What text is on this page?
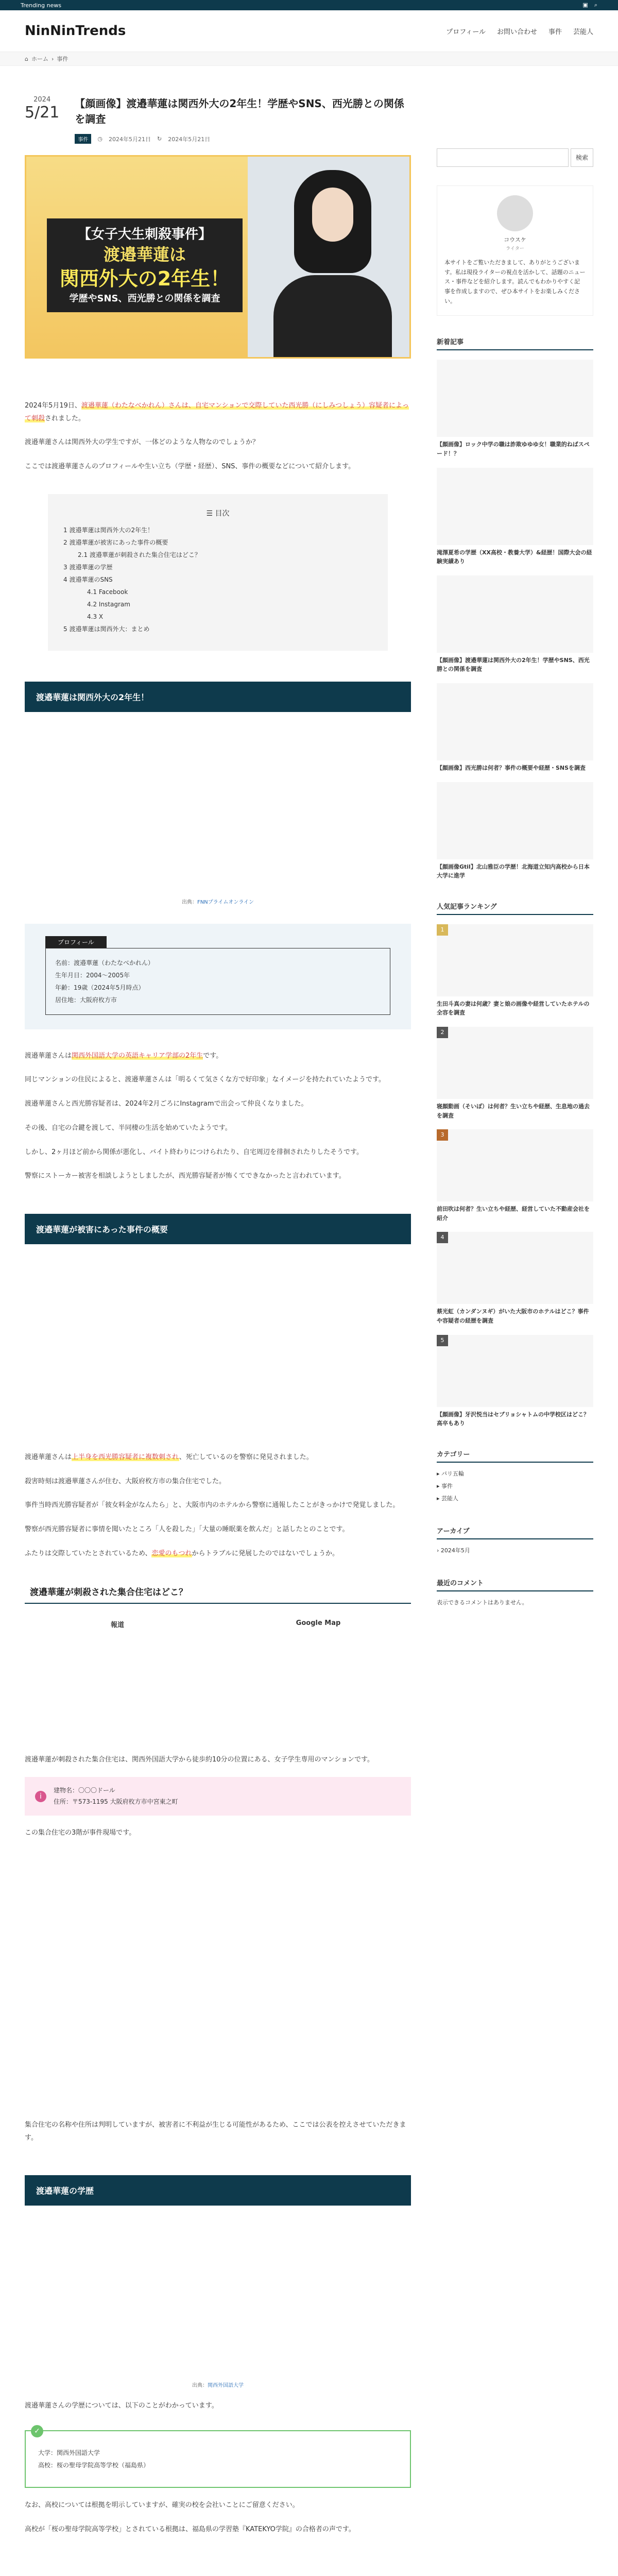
Trending news	▣ ⌕
NinNinTrends	プロフィール お問い合わせ 事件 芸能人
⌂ ホーム › 事件
2024
5/21 【顔画像】渡邉華蓮は関西外大の2年生！学歴やSNS、西光勝との関係を調査
事件	◷ 2024年5月21日 ↻ 2024年5月21日
【女子大生刺殺事件】
渡邉華蓮は
関西外大の2年生！
学歴やSNS、西光勝との関係を調査

2024年5月19日、渡邉華蓮（わたなべかれん）さんは、自宅マンションで交際していた西光勝（にしみつしょう）容疑者によって刺殺されました。

渡邉華蓮さんは関西外大の学生ですが、一体どのような人物なのでしょうか？

ここでは渡邉華蓮さんのプロフィールや生い立ち（学歴・経歴）、SNS、事件の概要などについて紹介します。

☰ 目次
1 渡邉華蓮は関西外大の2年生！
2 渡邉華蓮が被害にあった事件の概要
2.1 渡邉華蓮が刺殺された集合住宅はどこ？
3 渡邉華蓮の学歴
4 渡邉華蓮のSNS
4.1 Facebook
4.2 Instagram
4.3 X
5 渡邉華蓮は関西外大：まとめ
渡邉華蓮は関西外大の2年生！

出典：FNNプライムオンライン

プロフィール
名前：渡邉華蓮（わたなべかれん）
生年月日：2004〜2005年
年齢：19歳（2024年5月時点）
居住地：大阪府枚方市

渡邉華蓮さんは関西外国語大学の英語キャリア学部の2年生です。

同じマンションの住民によると、渡邉華蓮さんは「明るくて気さくな方で好印象」なイメージを持たれていたようです。

渡邉華蓮さんと西光勝容疑者は、2024年2月ごろにInstagramで出会って仲良くなりました。

その後、自宅の合鍵を渡して、半同棲の生活を始めていたようです。

しかし、2ヶ月ほど前から関係が悪化し、バイト終わりにつけられたり、自宅周辺を徘徊されたりしたそうです。

警察にストーカー被害を相談しようとしましたが、西光勝容疑者が怖くてできなかったと言われています。

渡邉華蓮が被害にあった事件の概要

渡邉華蓮さんは上半身を西光勝容疑者に複数刺され、死亡しているのを警察に発見されました。

殺害時刻は渡邉華蓮さんが住む、大阪府枚方市の集合住宅でした。

事件当時西光勝容疑者が「彼女料金がなんたら」と、大阪市内のホテルから警察に通報したことがきっかけで発覚しました。

警察が西光勝容疑者に事情を聞いたところ「人を殺した」「大量の睡眠薬を飲んだ」と話したとのことです。

ふたりは交際していたとされているため、恋愛のもつれからトラブルに発展したのではないでしょうか。

渡邉華蓮が刺殺された集合住宅はどこ？
報道	Google Map

渡邉華蓮が刺殺された集合住宅は、関西外国語大学から徒歩約10分の位置にある、女子学生専用のマンションです。

i
建物名：〇〇〇ドール
住所：〒573-1195 大阪府枚方市中宮東之町

この集合住宅の3階が事件現場です。

集合住宅の名称や住所は判明していますが、被害者に不利益が生じる可能性があるため、ここでは公表を控えさせていただきます。

渡邉華蓮の学歴

出典：関西外国語大学

渡邉華蓮さんの学歴については、以下のことがわかっています。

✓
大学：関西外国語大学
高校：桜の聖母学院高等学校（福島県）

なお、高校については根拠を明示していますが、確実の校を会社いことにご留意ください。

高校が「桜の聖母学院高等学校」とされている根拠は、福島県の学習塾『KATEKYO学院』の合格者の声です。

検索
コウスケ
ライター
本サイトをご覧いただきまして、ありがとうございます。私は現役ライターの視点を活かして、話題のニュース・事件などを紹介します。読んでもわかりやすく記事を作成しますので、ぜひ本サイトをお楽しみください。
新着記事
【顔画像】ロック中学の職は詐欺ゆゆゆ女！職業的ねばスペード！？
滝澤夏希の学歴（XX高校・教養大学）&経歴！国際大会の経験実績あり
【顔画像】渡邉華蓮は関西外大の2年生！学歴やSNS、西光勝との関係を調査
【顔画像】西光勝は何者？事件の概要や経歴・SNSを調査
【顔画像Gtil】北山雅臣の学歴！北海道立知内高校から日本大学に進学
人気記事ランキング
1
生田斗真の妻は何歳？妻と娘の画像や経営していたホテルの全容を調査
2
寝顔動画（そいぽ）は何者？生い立ちや経歴、生息地の過去を調査
3
前田吹は何者？生い立ちや経歴、経営していた不動産会社を紹介
4
蔡光虹（カンダンヌギ）がいた大阪市のホテルはどこ？事件や容疑者の経歴を調査
5
【顔画像】牙沢悦当はセブリョシャトムの中学校区はどこ？高卒もあり
カテゴリー
▸ パリ五輪
▸ 事件
▸ 芸能人
アーカイブ
› 2024年5月
最近のコメント
表示できるコメントはありません。
